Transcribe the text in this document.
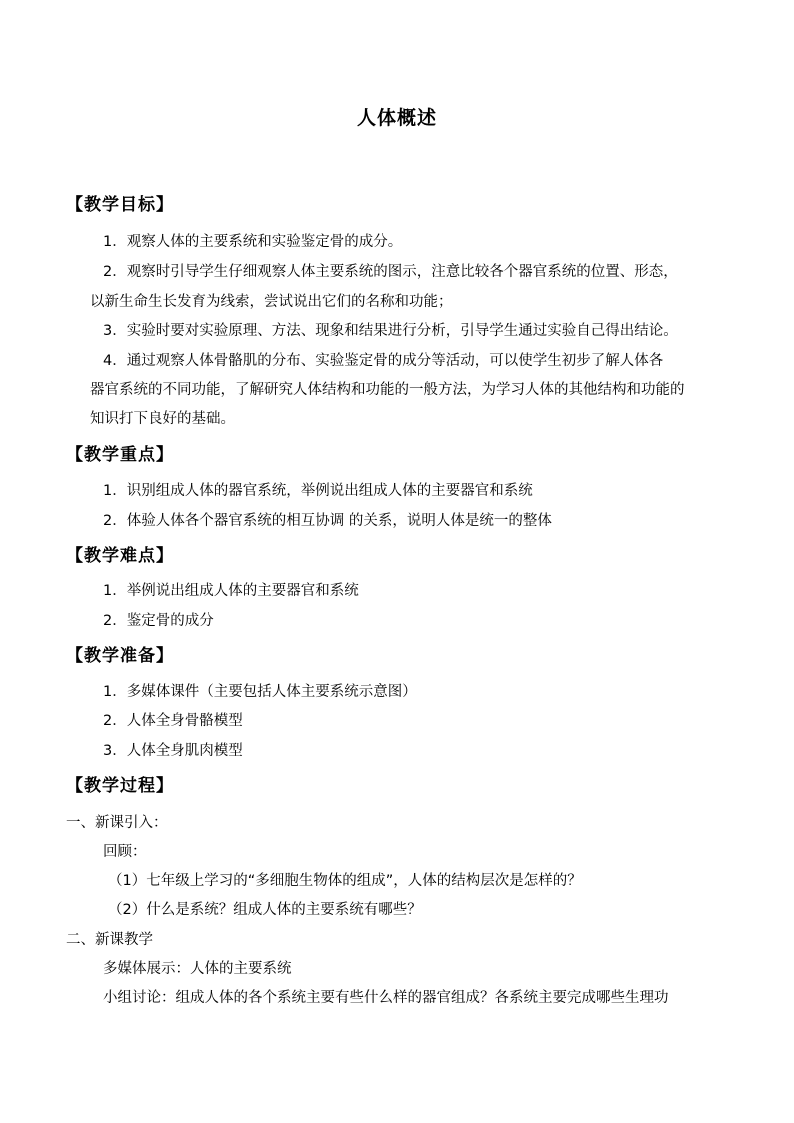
人体概述
【教学目标】
1．观察人体的主要系统和实验鉴定骨的成分。
2．观察时引导学生仔细观察人体主要系统的图示，注意比较各个器官系统的位置、形态，
以新生命生长发育为线索，尝试说出它们的名称和功能；
3．实验时要对实验原理、方法、现象和结果进行分析，引导学生通过实验自己得出结论。
4．通过观察人体骨骼肌的分布、实验鉴定骨的成分等活动，可以使学生初步了解人体各
器官系统的不同功能，了解研究人体结构和功能的一般方法，为学习人体的其他结构和功能的
知识打下良好的基础。
【教学重点】
1．识别组成人体的器官系统，举例说出组成人体的主要器官和系统
2．体验人体各个器官系统的相互协调 的关系，说明人体是统一的整体
【教学难点】
1．举例说出组成人体的主要器官和系统
2．鉴定骨的成分
【教学准备】
1．多媒体课件（主要包括人体主要系统示意图）
2．人体全身骨骼模型
3．人体全身肌肉模型
【教学过程】
一、新课引入：
回顾：
（1）七年级上学习的“多细胞生物体的组成”，人体的结构层次是怎样的？
（2）什么是系统？组成人体的主要系统有哪些？
二、新课教学
多媒体展示：人体的主要系统
小组讨论：组成人体的各个系统主要有些什么样的器官组成？各系统主要完成哪些生理功
